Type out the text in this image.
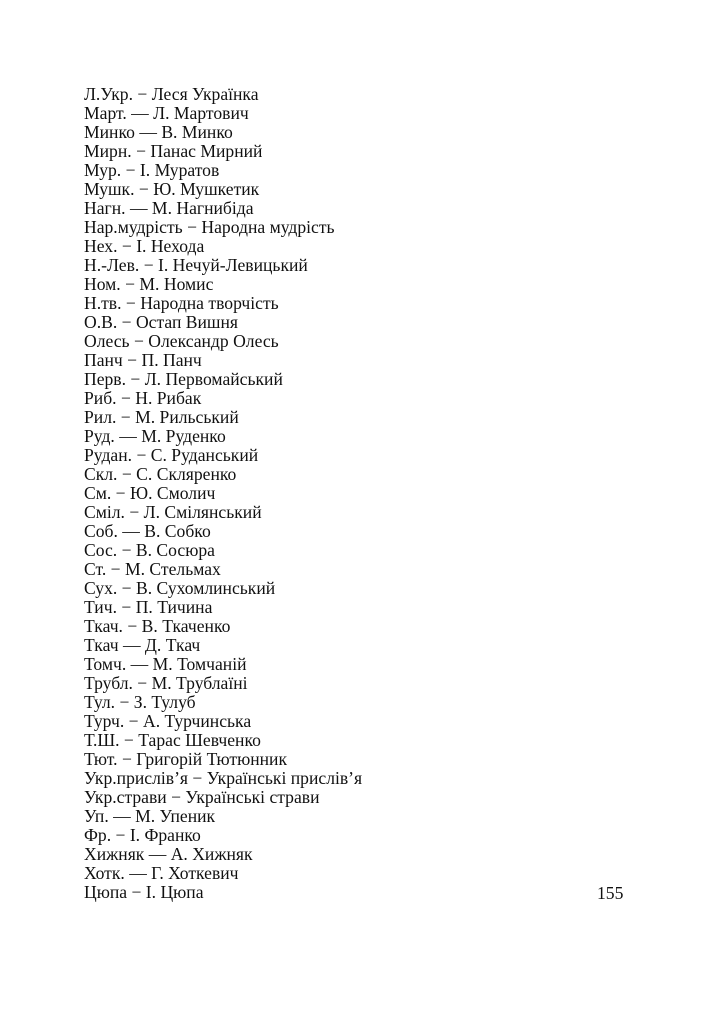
Л.Укр. − Леся Українка
Март. — Л. Мартович
Минко — В. Минко
Мирн. − Панас Мирний
Мур. − І. Муратов
Мушк. − Ю. Мушкетик
Нагн. — М. Нагнибіда
Нар.мудрість − Народна мудрість
Нех. − І. Нехода
Н.-Лев. − І. Нечуй-Левицький
Ном. − М. Номис
Н.тв. − Народна творчість
О.В. − Остап Вишня
Олесь − Олександр Олесь
Панч − П. Панч
Перв. − Л. Первомайський
Риб. − Н. Рибак
Рил. − М. Рильський
Руд. — М. Руденко
Рудан. − С. Руданський
Скл. − С. Скляренко
См. − Ю. Смолич
Сміл. − Л. Смілянський
Соб. — В. Собко
Сос. − В. Сосюра
Ст. − М. Стельмах
Сух. − В. Сухомлинський
Тич. − П. Тичина
Ткач. − В. Ткаченко
Ткач — Д. Ткач
Томч. — М. Томчаній
Трубл. − М. Трублаїні
Тул. − З. Тулуб
Турч. − А. Турчинська
Т.Ш. − Тарас Шевченко
Тют. − Григорій Тютюнник
Укр.прислів’я − Українські прислів’я
Укр.страви − Українські страви
Уп. — М. Упеник
Фр. − І. Франко
Хижняк — А. Хижняк
Хотк. — Г. Хоткевич
Цюпа − І. Цюпа	155
